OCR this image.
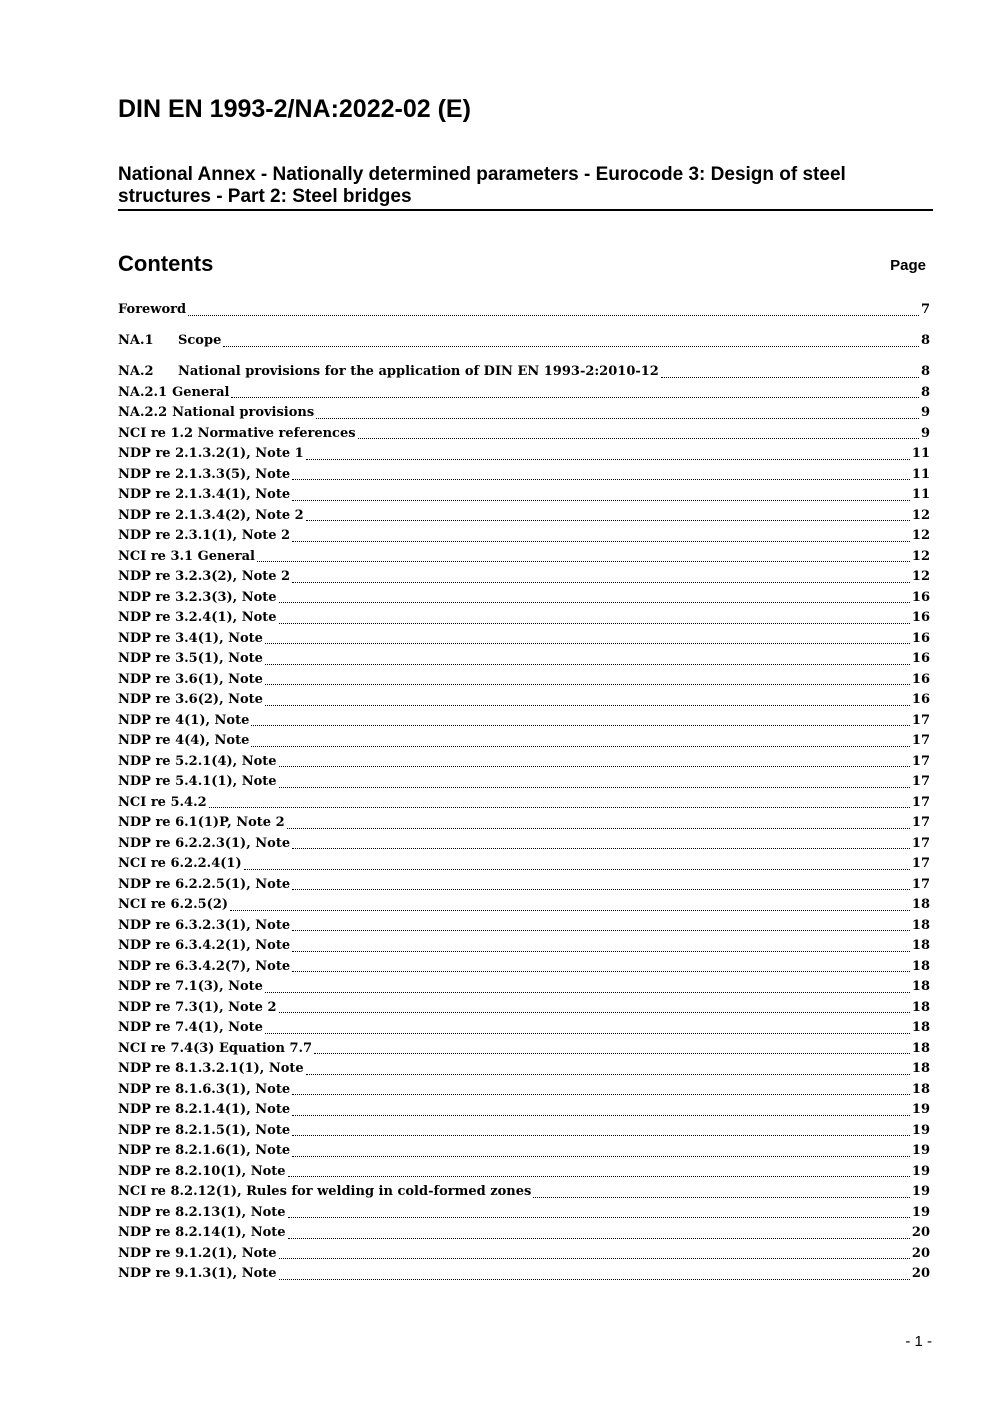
DIN EN 1993-2/NA:2022-02 (E)
National Annex - Nationally determined parameters - Eurocode 3: Design of steel
structures - Part 2: Steel bridges
Contents	Page
Foreword	7
NA.1	Scope	8
NA.2	National provisions for the application of DIN EN 1993-2:2010-12	8
NA.2.1 General	8
NA.2.2 National provisions	9
NCI re 1.2 Normative references	9
NDP re 2.1.3.2(1), Note 1	11
NDP re 2.1.3.3(5), Note	11
NDP re 2.1.3.4(1), Note	11
NDP re 2.1.3.4(2), Note 2	12
NDP re 2.3.1(1), Note 2	12
NCI re 3.1 General	12
NDP re 3.2.3(2), Note 2	12
NDP re 3.2.3(3), Note	16
NDP re 3.2.4(1), Note	16
NDP re 3.4(1), Note	16
NDP re 3.5(1), Note	16
NDP re 3.6(1), Note	16
NDP re 3.6(2), Note	16
NDP re 4(1), Note	17
NDP re 4(4), Note	17
NDP re 5.2.1(4), Note	17
NDP re 5.4.1(1), Note	17
NCI re 5.4.2	17
NDP re 6.1(1)P, Note 2	17
NDP re 6.2.2.3(1), Note	17
NCI re 6.2.2.4(1)	17
NDP re 6.2.2.5(1), Note	17
NCI re 6.2.5(2)	18
NDP re 6.3.2.3(1), Note	18
NDP re 6.3.4.2(1), Note	18
NDP re 6.3.4.2(7), Note	18
NDP re 7.1(3), Note	18
NDP re 7.3(1), Note 2	18
NDP re 7.4(1), Note	18
NCI re 7.4(3) Equation 7.7	18
NDP re 8.1.3.2.1(1), Note	18
NDP re 8.1.6.3(1), Note	18
NDP re 8.2.1.4(1), Note	19
NDP re 8.2.1.5(1), Note	19
NDP re 8.2.1.6(1), Note	19
NDP re 8.2.10(1), Note	19
NCI re 8.2.12(1), Rules for welding in cold-formed zones	19
NDP re 8.2.13(1), Note	19
NDP re 8.2.14(1), Note	20
NDP re 9.1.2(1), Note	20
NDP re 9.1.3(1), Note	20
- 1 -
